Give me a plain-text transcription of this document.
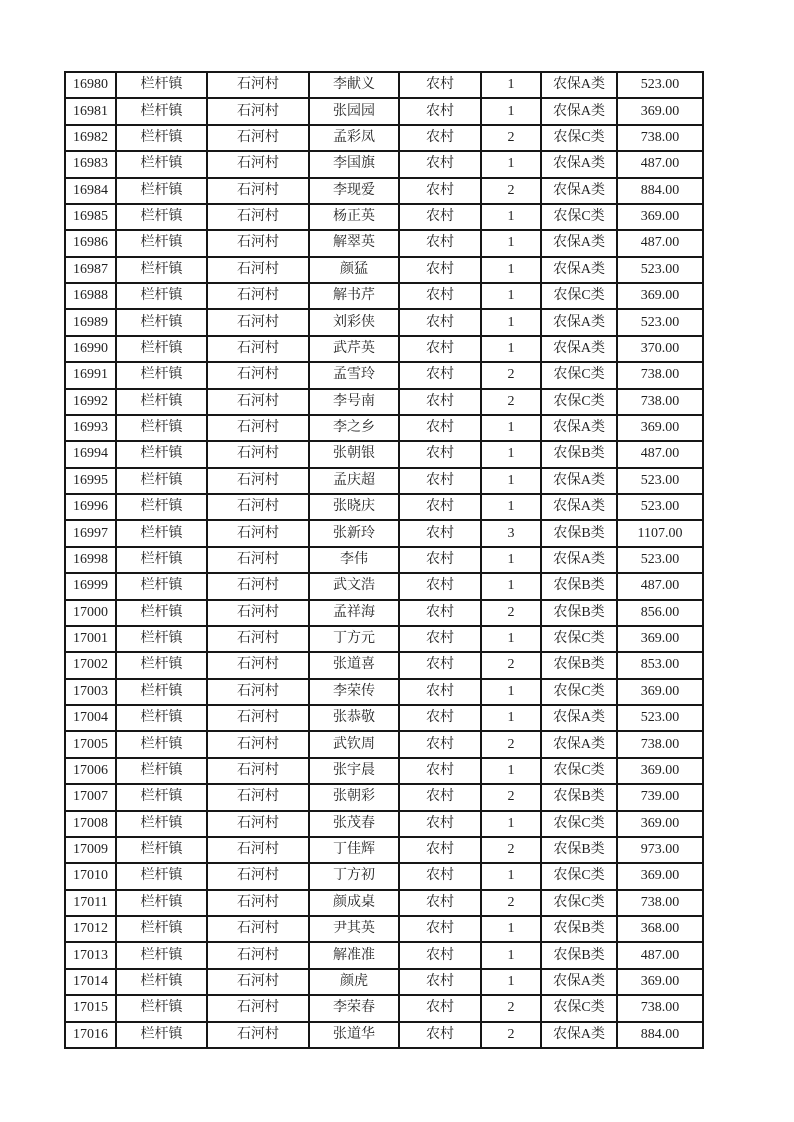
16980	栏杆镇	石河村	李献义	农村	1	农保A类	523.00
16981	栏杆镇	石河村	张园园	农村	1	农保A类	369.00
16982	栏杆镇	石河村	孟彩凤	农村	2	农保C类	738.00
16983	栏杆镇	石河村	李国旗	农村	1	农保A类	487.00
16984	栏杆镇	石河村	李现爱	农村	2	农保A类	884.00
16985	栏杆镇	石河村	杨正英	农村	1	农保C类	369.00
16986	栏杆镇	石河村	解翠英	农村	1	农保A类	487.00
16987	栏杆镇	石河村	颜猛	农村	1	农保A类	523.00
16988	栏杆镇	石河村	解书芹	农村	1	农保C类	369.00
16989	栏杆镇	石河村	刘彩侠	农村	1	农保A类	523.00
16990	栏杆镇	石河村	武芹英	农村	1	农保A类	370.00
16991	栏杆镇	石河村	孟雪玲	农村	2	农保C类	738.00
16992	栏杆镇	石河村	李号南	农村	2	农保C类	738.00
16993	栏杆镇	石河村	李之乡	农村	1	农保A类	369.00
16994	栏杆镇	石河村	张朝银	农村	1	农保B类	487.00
16995	栏杆镇	石河村	孟庆超	农村	1	农保A类	523.00
16996	栏杆镇	石河村	张晓庆	农村	1	农保A类	523.00
16997	栏杆镇	石河村	张新玲	农村	3	农保B类	1107.00
16998	栏杆镇	石河村	李伟	农村	1	农保A类	523.00
16999	栏杆镇	石河村	武文浩	农村	1	农保B类	487.00
17000	栏杆镇	石河村	孟祥海	农村	2	农保B类	856.00
17001	栏杆镇	石河村	丁方元	农村	1	农保C类	369.00
17002	栏杆镇	石河村	张道喜	农村	2	农保B类	853.00
17003	栏杆镇	石河村	李荣传	农村	1	农保C类	369.00
17004	栏杆镇	石河村	张恭敬	农村	1	农保A类	523.00
17005	栏杆镇	石河村	武钦周	农村	2	农保A类	738.00
17006	栏杆镇	石河村	张宇晨	农村	1	农保C类	369.00
17007	栏杆镇	石河村	张朝彩	农村	2	农保B类	739.00
17008	栏杆镇	石河村	张茂春	农村	1	农保C类	369.00
17009	栏杆镇	石河村	丁佳辉	农村	2	农保B类	973.00
17010	栏杆镇	石河村	丁方初	农村	1	农保C类	369.00
17011	栏杆镇	石河村	颜成桌	农村	2	农保C类	738.00
17012	栏杆镇	石河村	尹其英	农村	1	农保B类	368.00
17013	栏杆镇	石河村	解准准	农村	1	农保B类	487.00
17014	栏杆镇	石河村	颜虎	农村	1	农保A类	369.00
17015	栏杆镇	石河村	李荣春	农村	2	农保C类	738.00
17016	栏杆镇	石河村	张道华	农村	2	农保A类	884.00
